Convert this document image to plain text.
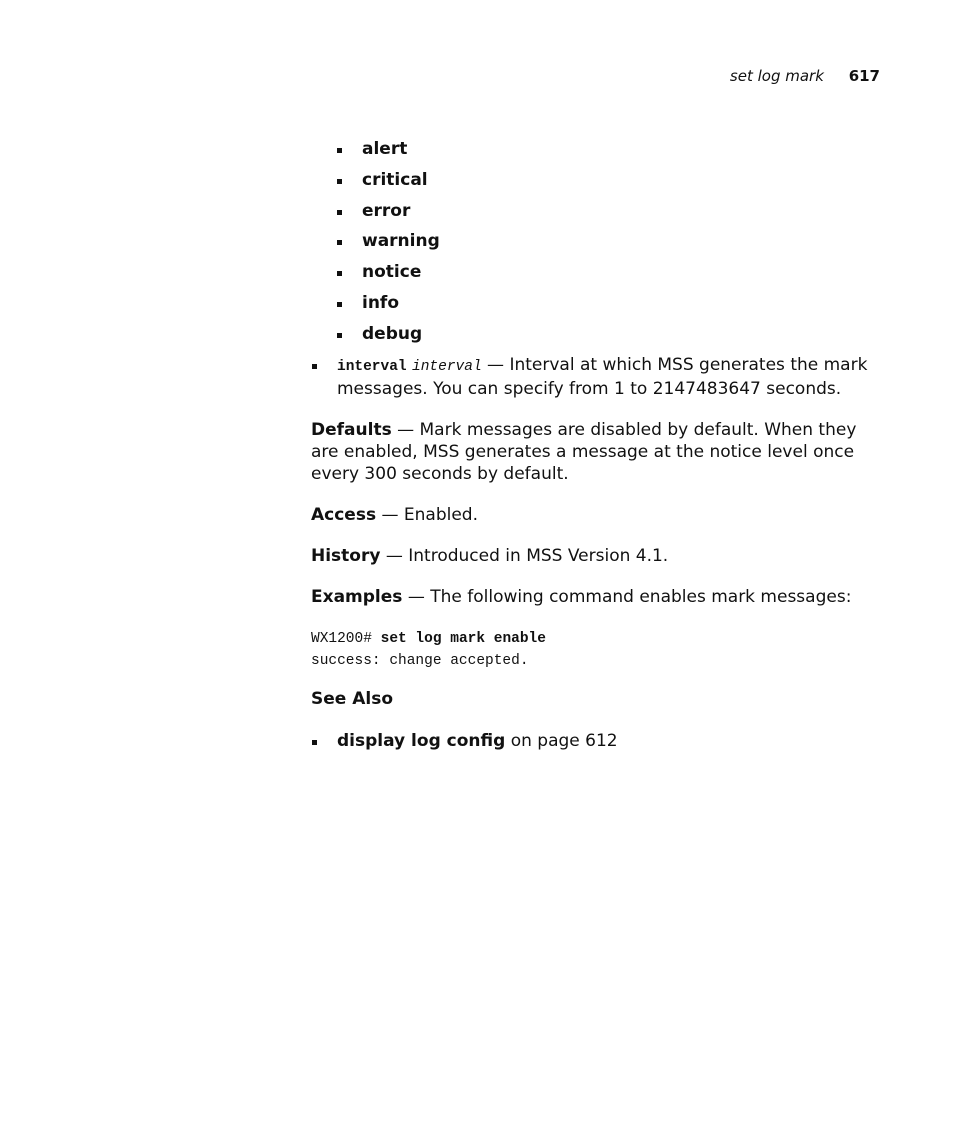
set log mark 617
alert
critical
error
warning
notice
info
debug
interval interval — Interval at which MSS generates the mark messages. You can specify from 1 to 2147483647 seconds.

Defaults — Mark messages are disabled by default. When they are enabled, MSS generates a message at the notice level once every 300 seconds by default.

Access — Enabled.

History — Introduced in MSS Version 4.1.

Examples — The following command enables mark messages:

WX1200# set log mark enable
success: change accepted.
See Also
display log config on page 612
